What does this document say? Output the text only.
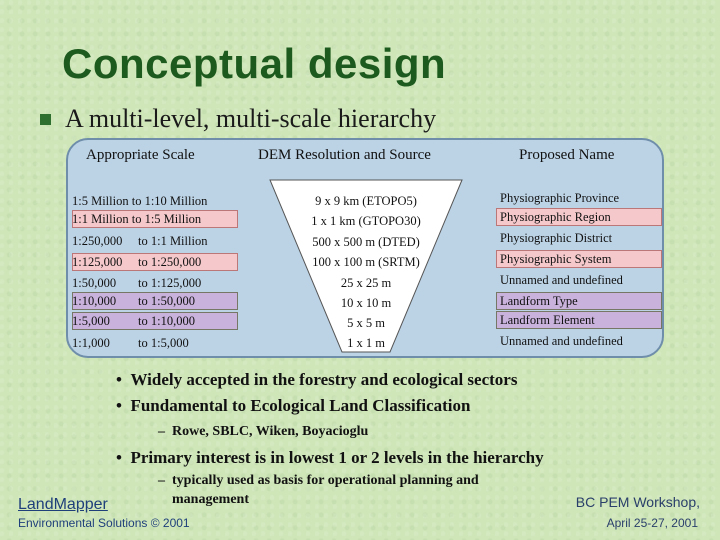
Conceptual design
A multi-level, multi-scale hierarchy
Appropriate Scale	DEM Resolution and Source	Proposed Name
1:5 Million to 1:10 Million
1:1 Million to 1:5 Million
1:250,000 to 1:1 Million
1:125,000 to 1:250,000
1:50,000 to 1:125,000
1:10,000 to 1:50,000
1:5,000 to 1:10,000
1:1,000 to 1:5,000
9 x 9 km (ETOPO5)
1 x 1 km (GTOPO30)
500 x 500 m (DTED)
100 x 100 m (SRTM)
25 x 25 m
10 x 10 m
5 x 5 m
1 x 1 m
Physiographic Province
Physiographic Region
Physiographic District
Physiographic System
Unnamed and undefined
Landform Type
Landform Element
Unnamed and undefined
•  Widely accepted in the forestry and ecological sectors
•  Fundamental to Ecological Land Classification
–  Rowe, SBLC, Wiken, Boyacioglu
•  Primary interest is in lowest 1 or 2 levels in the hierarchy
–  typically used as basis for operational planning and
management
LandMapper
Environmental Solutions © 2001
BC PEM Workshop,
April 25-27, 2001
